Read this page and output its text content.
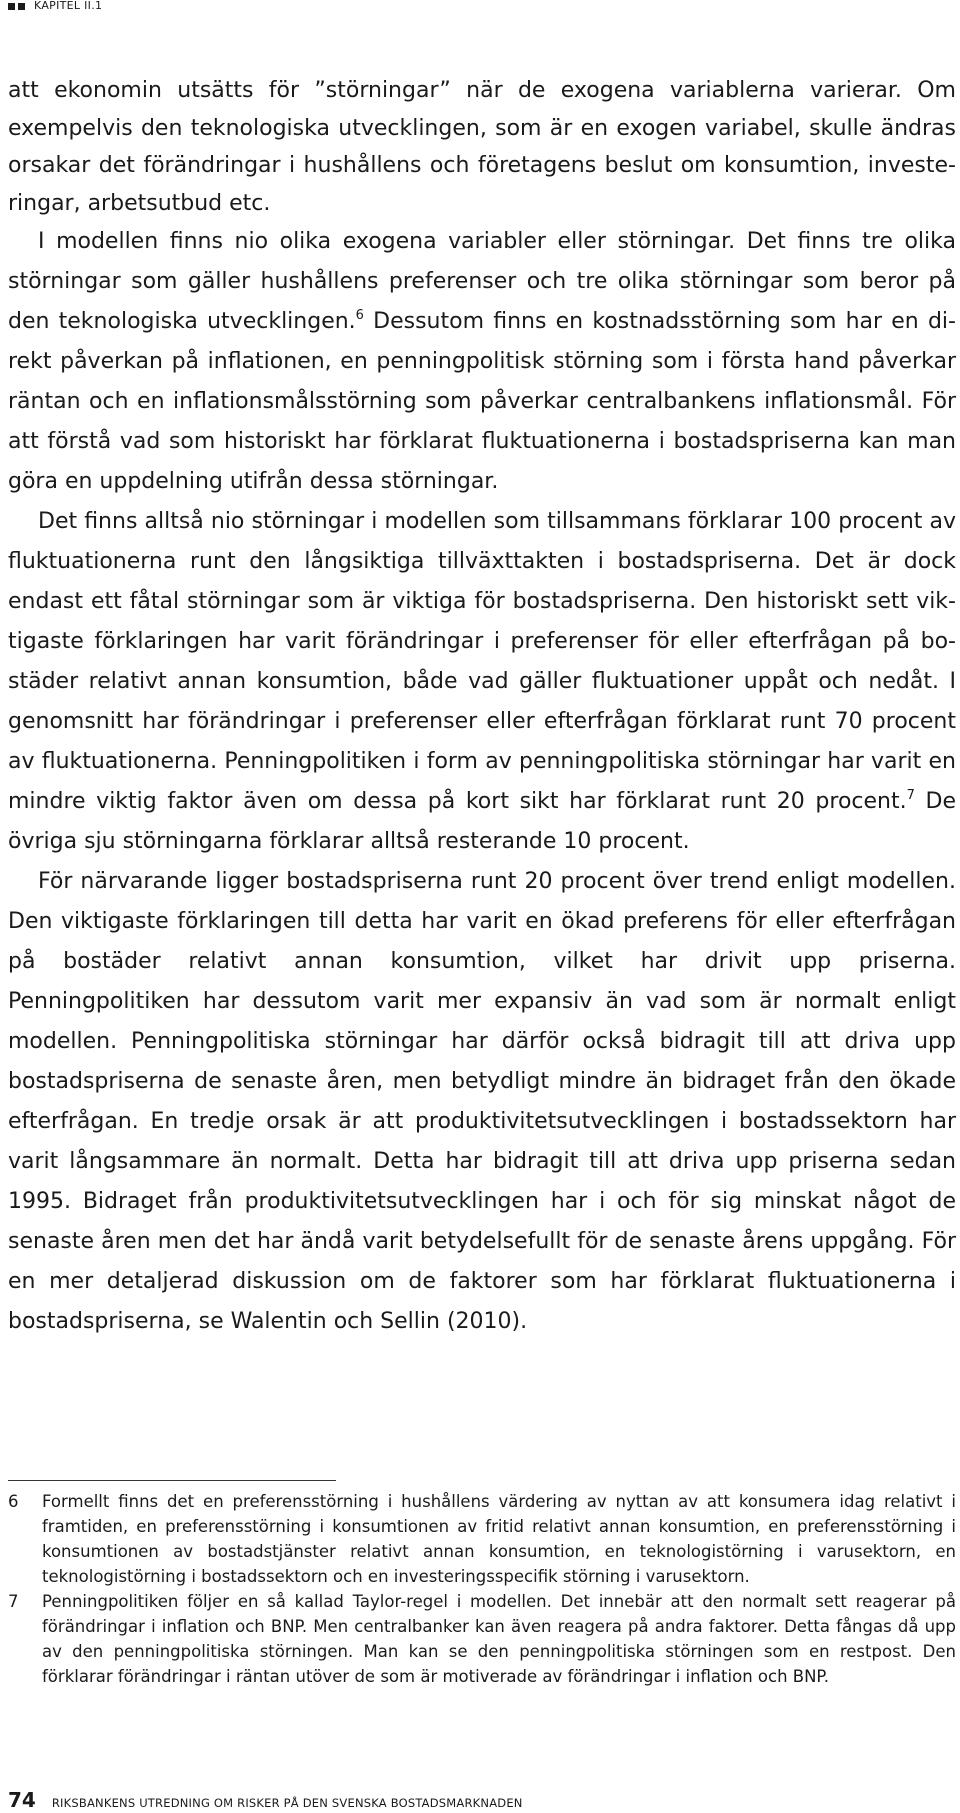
KAPITEL II.1

att ekonomin utsätts för ”störningar” när de exogena variablerna varierar. Om exempelvis den teknologiska utvecklingen, som är en exogen variabel, skulle ändras orsakar det förändringar i hushållens och företagens beslut om konsumtion, investeringar, arbetsutbud etc.

I modellen finns nio olika exogena variabler eller störningar. Det finns tre olika störningar som gäller hushållens preferenser och tre olika störningar som beror på den teknologiska utvecklingen.$^6$ Dessutom finns en kostnadsstörning som har en direkt påverkan på inflationen, en penningpolitisk störning som i första hand påverkar räntan och en inflationsmålsstörning som påverkar centralbankens inflationsmål. För att förstå vad som historiskt har förklarat fluktuationerna i bostadspriserna kan man göra en uppdelning utifrån dessa störningar.

Det finns alltså nio störningar i modellen som tillsammans förklarar 100 procent av fluktuationerna runt den långsiktiga tillväxttakten i bostadspriserna. Det är dock endast ett fåtal störningar som är viktiga för bostadspriserna. Den historiskt sett viktigaste förklaringen har varit förändringar i preferenser för eller efterfrågan på bostäder relativt annan konsumtion, både vad gäller fluktuationer uppåt och nedåt. I genomsnitt har förändringar i preferenser eller efterfrågan förklarat runt 70 procent av fluktuationerna. Penningpolitiken i form av penningpolitiska störningar har varit en mindre viktig faktor även om dessa på kort sikt har förklarat runt 20 procent.$^7$ De övriga sju störningarna förklarar alltså resterande 10 procent.

För närvarande ligger bostadspriserna runt 20 procent över trend enligt modellen. Den viktigaste förklaringen till detta har varit en ökad preferens för eller efterfrågan på bostäder relativt annan konsumtion, vilket har drivit upp priserna. Penningpolitiken har dessutom varit mer expansiv än vad som är normalt enligt modellen. Penningpolitiska störningar har därför också bidragit till att driva upp bostadspriserna de senaste åren, men betydligt mindre än bidraget från den ökade efterfrågan. En tredje orsak är att produktivitetsutvecklingen i bostadssektorn har varit långsammare än normalt. Detta har bidragit till att driva upp priserna sedan 1995. Bidraget från produktivitetsutvecklingen har i och för sig minskat något de senaste åren men det har ändå varit betydelsefullt för de senaste årens uppgång. För en mer detaljerad diskussion om de faktorer som har förklarat fluktuationerna i bostadspriserna, se Walentin och Sellin (2010).

6	Formellt finns det en preferensstörning i hushållens värdering av nyttan av att konsumera idag relativt i framtiden, en preferensstörning i konsumtionen av fritid relativt annan konsumtion, en preferensstörning i konsumtionen av bostadstjänster relativt annan konsumtion, en teknologistörning i varusektorn, en teknologistörning i bostadssektorn och en investeringsspecifik störning i varusektorn.
7	Penningpolitiken följer en så kallad Taylor-regel i modellen. Det innebär att den normalt sett reagerar på förändringar i inflation och BNP. Men centralbanker kan även reagera på andra faktorer. Detta fångas då upp av den penningpolitiska störningen. Man kan se den penningpolitiska störningen som en restpost. Den förklarar förändringar i räntan utöver de som är motiverade av förändringar i inflation och BNP.
74 RIKSBANKENS UTREDNING OM RISKER PÅ DEN SVENSKA BOSTADSMARKNADEN
